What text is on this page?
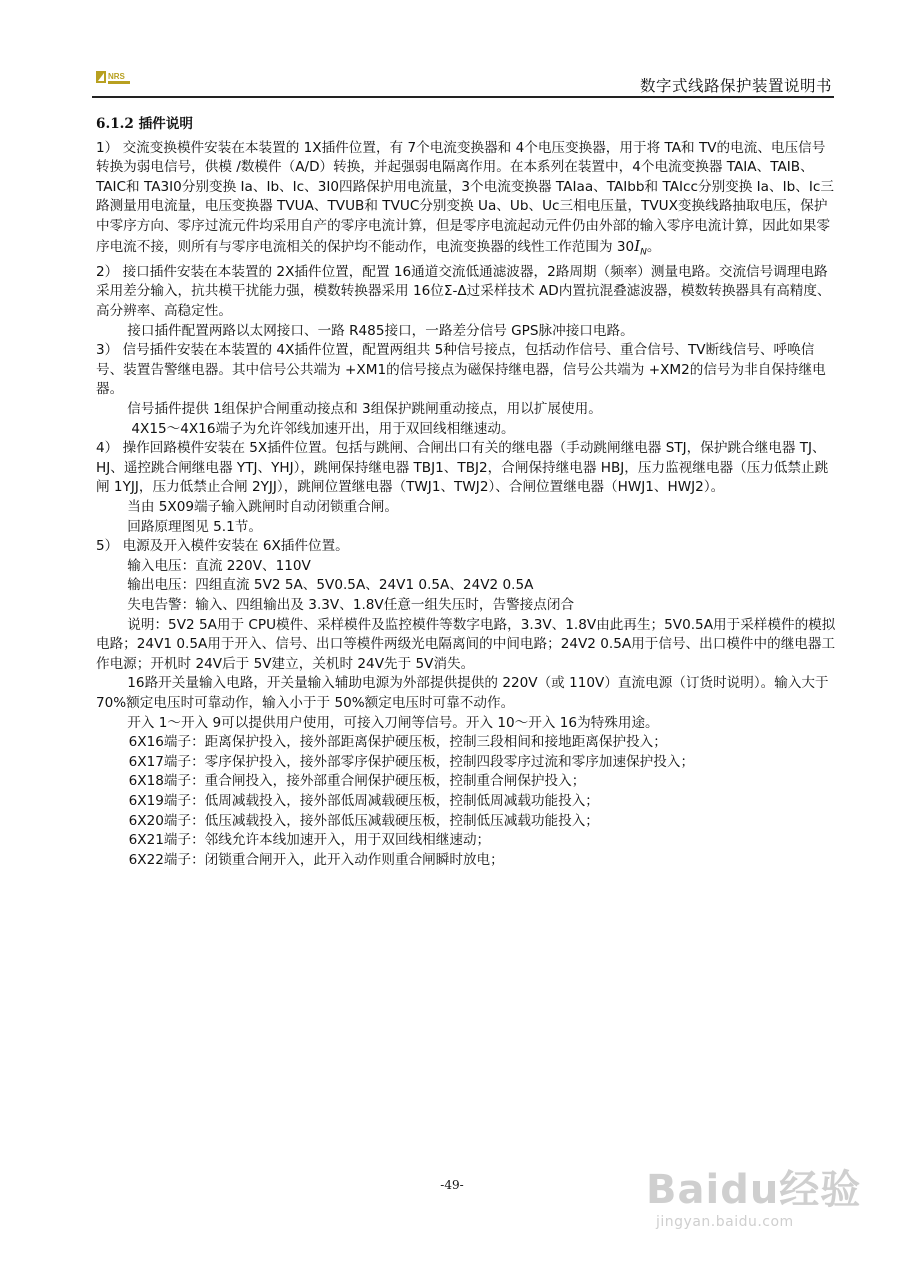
NRS
数字式线路保护装置说明书
6.1.2 插件说明

1） 交流变换模件安装在本装置的 1X插件位置，有 7个电流变换器和 4个电压变换器，用于将 TA和 TV的电流、电压信号转换为弱电信号，供模 /数模件（A/D）转换，并起强弱电隔离作用。在本系列在装置中，4个电流变换器 TAIA、TAIB、TAIC和 TA3I0分别变换 Ia、Ib、Ic、3I0四路保护用电流量，3个电流变换器 TAIaa、TAIbb和 TAIcc分别变换 Ia、Ib、Ic三路测量用电流量，电压变换器 TVUA、TVUB和 TVUC分别变换 Ua、Ub、Uc三相电压量，TVUX变换线路抽取电压，保护中零序方向、零序过流元件均采用自产的零序电流计算，但是零序电流起动元件仍由外部的输入零序电流计算，因此如果零序电流不接，则所有与零序电流相关的保护均不能动作，电流变换器的线性工作范围为 $30I_N$。

2） 接口插件安装在本装置的 2X插件位置，配置 16通道交流低通滤波器，2路周期（频率）测量电路。交流信号调理电路采用差分输入，抗共模干扰能力强，模数转换器采用 16位Σ-Δ过采样技术 AD内置抗混叠滤波器，模数转换器具有高精度、高分辨率、高稳定性。

接口插件配置两路以太网接口、一路 R485接口，一路差分信号 GPS脉冲接口电路。

3） 信号插件安装在本装置的 4X插件位置，配置两组共 5种信号接点，包括动作信号、重合信号、TV断线信号、呼唤信号、装置告警继电器。其中信号公共端为 +XM1的信号接点为磁保持继电器，信号公共端为 +XM2的信号为非自保持继电器。

信号插件提供 1组保护合闸重动接点和 3组保护跳闸重动接点，用以扩展使用。

4X15～4X16端子为允许邻线加速开出，用于双回线相继速动。

4） 操作回路模件安装在 5X插件位置。包括与跳闸、合闸出口有关的继电器（手动跳闸继电器 STJ，保护跳合继电器 TJ、HJ、遥控跳合闸继电器 YTJ、YHJ），跳闸保持继电器 TBJ1、TBJ2，合闸保持继电器 HBJ，压力监视继电器（压力低禁止跳闸 1YJJ，压力低禁止合闸 2YJJ），跳闸位置继电器（TWJ1、TWJ2）、合闸位置继电器（HWJ1、HWJ2）。

当由 5X09端子输入跳闸时自动闭锁重合闸。

回路原理图见 5.1节。

5） 电源及开入模件安装在 6X插件位置。

输入电压：直流 220V、110V

输出电压：四组直流 5V2 5A、5V0.5A、24V1 0.5A、24V2 0.5A

失电告警：输入、四组输出及 3.3V、1.8V任意一组失压时，告警接点闭合

说明：5V2 5A用于 CPU模件、采样模件及监控模件等数字电路，3.3V、1.8V由此再生；5V0.5A用于采样模件的模拟电路；24V1 0.5A用于开入、信号、出口等模件两级光电隔离间的中间电路；24V2 0.5A用于信号、出口模件中的继电器工作电源；开机时 24V后于 5V建立，关机时 24V先于 5V消失。

16路开关量输入电路，开关量输入辅助电源为外部提供提供的 220V（或 110V）直流电源（订货时说明）。输入大于 70%额定电压时可靠动作，输入小于于 50%额定电压时可靠不动作。

开入 1～开入 9可以提供用户使用，可接入刀闸等信号。开入 10～开入 16为特殊用途。

6X16端子：距离保护投入，接外部距离保护硬压板，控制三段相间和接地距离保护投入；

6X17端子：零序保护投入，接外部零序保护硬压板，控制四段零序过流和零序加速保护投入；

6X18端子：重合闸投入，接外部重合闸保护硬压板，控制重合闸保护投入；

6X19端子：低周减载投入，接外部低周减载硬压板，控制低周减载功能投入；

6X20端子：低压减载投入，接外部低压减载硬压板，控制低压减载功能投入；

6X21端子：邻线允许本线加速开入，用于双回线相继速动；

6X22端子：闭锁重合闸开入，此开入动作则重合闸瞬时放电；

-49-	Baidu经验
jingyan.baidu.com
